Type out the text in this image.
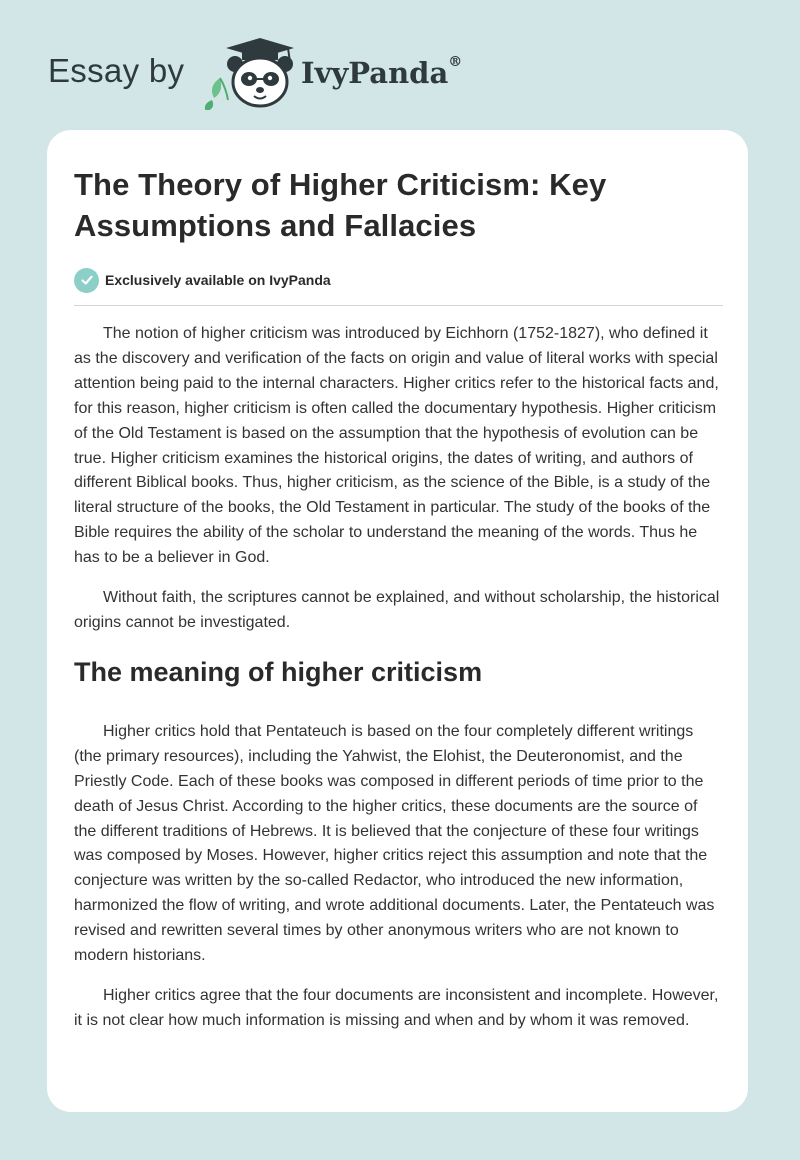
Essay by	IvyPanda®
The Theory of Higher Criticism: Key Assumptions and Fallacies
Exclusively available on IvyPanda

The notion of higher criticism was introduced by Eichhorn (1752-1827), who defined it as the discovery and verification of the facts on origin and value of literal works with special attention being paid to the internal characters. Higher critics refer to the historical facts and, for this reason, higher criticism is often called the documentary hypothesis. Higher criticism of the Old Testament is based on the assumption that the hypothesis of evolution can be true. Higher criticism examines the historical origins, the dates of writing, and authors of different Biblical books. Thus, higher criticism, as the science of the Bible, is a study of the literal structure of the books, the Old Testament in particular. The study of the books of the Bible requires the ability of the scholar to understand the meaning of the words. Thus he has to be a believer in God.

Without faith, the scriptures cannot be explained, and without scholarship, the historical origins cannot be investigated.

The meaning of higher criticism

Higher critics hold that Pentateuch is based on the four completely different writings (the primary resources), including the Yahwist, the Elohist, the Deuteronomist, and the Priestly Code. Each of these books was composed in different periods of time prior to the death of Jesus Christ. According to the higher critics, these documents are the source of the different traditions of Hebrews. It is believed that the conjecture of these four writings was composed by Moses. However, higher critics reject this assumption and note that the conjecture was written by the so-called Redactor, who introduced the new information, harmonized the flow of writing, and wrote additional documents. Later, the Pentateuch was revised and rewritten several times by other anonymous writers who are not known to modern historians.

Higher critics agree that the four documents are inconsistent and incomplete. However, it is not clear how much information is missing and when and by whom it was removed.
